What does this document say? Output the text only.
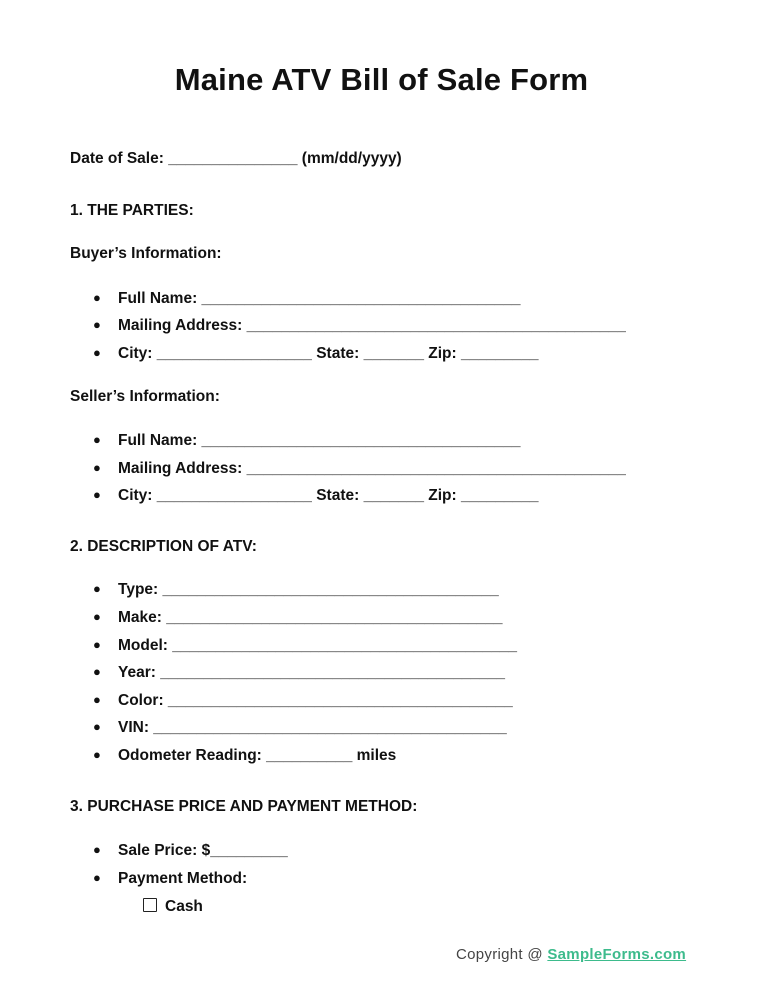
Maine ATV Bill of Sale Form
Date of Sale: _______________ (mm/dd/yyyy)
1. THE PARTIES:
Buyer’s Information:
● Full Name: _____________________________________
● Mailing Address: ____________________________________________
● City: __________________ State: _______ Zip: _________
Seller’s Information:
● Full Name: _____________________________________
● Mailing Address: ____________________________________________
● City: __________________ State: _______ Zip: _________
2. DESCRIPTION OF ATV:
● Type: _______________________________________
● Make: _______________________________________
● Model: ________________________________________
● Year: ________________________________________
● Color: ________________________________________
● VIN: _________________________________________
● Odometer Reading: __________ miles
3. PURCHASE PRICE AND PAYMENT METHOD:
● Sale Price: $_________
● Payment Method:
Cash
Copyright @ SampleForms.com
